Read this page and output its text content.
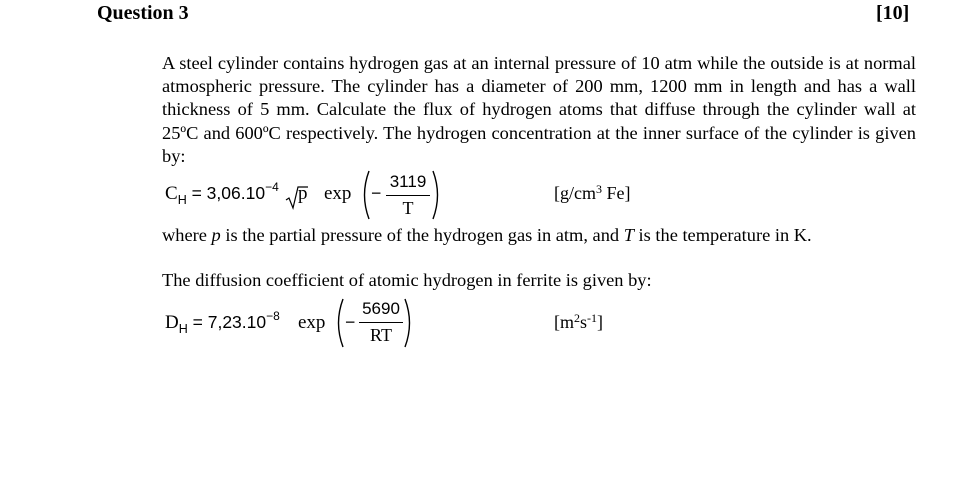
Question 3	[10]

A steel cylinder contains hydrogen gas at an internal pressure of 10 atm while the outside is at normal atmospheric pressure. The cylinder has a diameter of 200 mm, 1200 mm in length and has a wall thickness of 5 mm. Calculate the flux of hydrogen atoms that diffuse through the cylinder wall at 25ºC and 600ºC respectively. The hydrogen concentration at the inner surface of the cylinder is given by:

$C_H = 3,06.10^{-4}$ p exp −
3119
T
[$g/cm^3$ Fe]
where p is the partial pressure of the hydrogen gas in atm, and T is the temperature in K.
The diffusion coefficient of atomic hydrogen in ferrite is given by:
$D_H = 7,23.10^{-8}$ exp −
5690
RT
$[m^2s^{-1}]$
